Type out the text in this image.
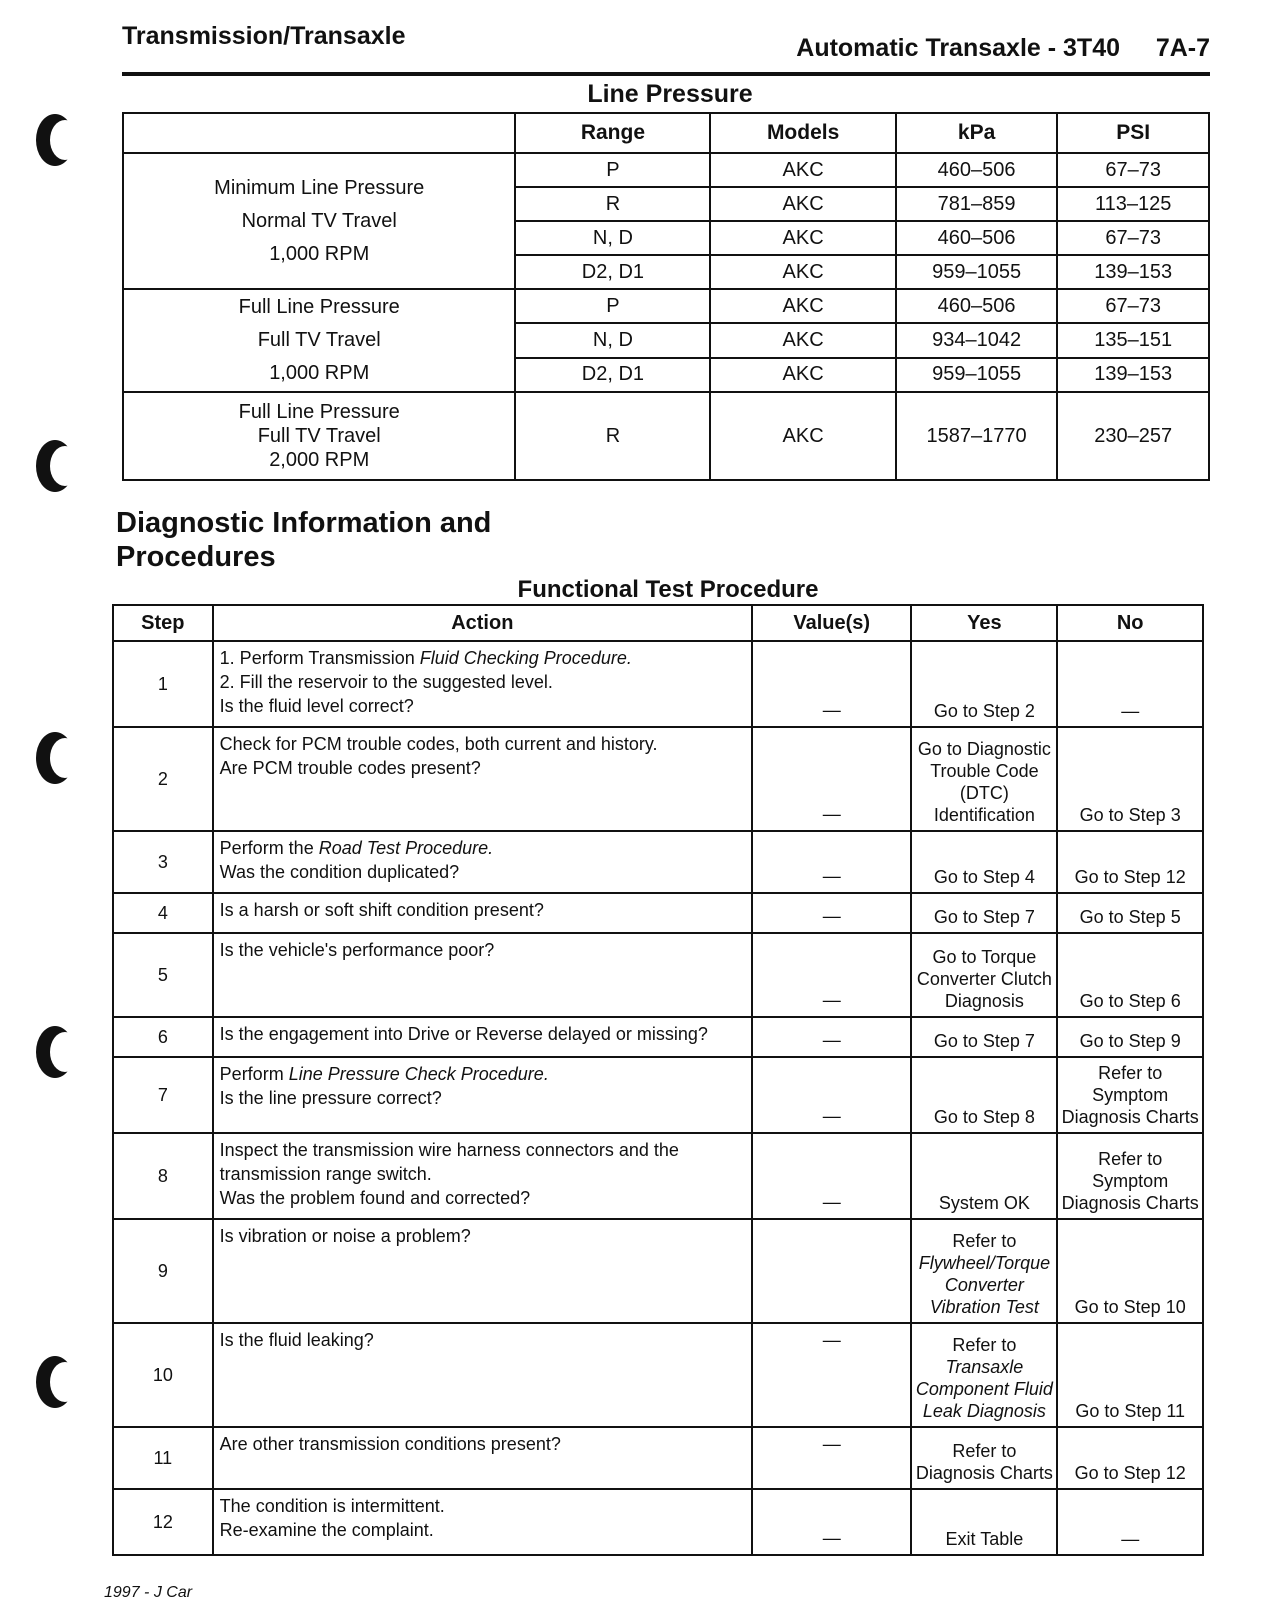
Transmission/Transaxle	Automatic Transaxle - 3T40 7A-7
Line Pressure
	Range	Models	kPa	PSI

Minimum Line Pressure
Normal TV Travel
1,000 RPM	P	AKC	460–506	67–73
	R	AKC	781–859	113–125
	N, D	AKC	460–506	67–73
	D2, D1	AKC	959–1055	139–153

Full Line Pressure
Full TV Travel
1,000 RPM	P	AKC	460–506	67–73
	N, D	AKC	934–1042	135–151
	D2, D1	AKC	959–1055	139–153

Full Line Pressure
Full TV Travel
2,000 RPM	R	AKC	1587–1770	230–257
Diagnostic Information and
Procedures
Functional Test Procedure
Step	Action	Value(s)	Yes	No
1	1. Perform Transmission Fluid Checking Procedure.
2. Fill the reservoir to the suggested level.
Is the fluid level correct?	—	Go to Step 2	—
2	Check for PCM trouble codes, both current and history.
Are PCM trouble codes present?	—	Go to Diagnostic
Trouble Code
(DTC)
Identification	Go to Step 3
3	Perform the Road Test Procedure.
Was the condition duplicated?	—	Go to Step 4	Go to Step 12
4	Is a harsh or soft shift condition present?	—	Go to Step 7	Go to Step 5
5	Is the vehicle's performance poor?	—	Go to Torque
Converter Clutch
Diagnosis	Go to Step 6
6	Is the engagement into Drive or Reverse delayed or missing?	—	Go to Step 7	Go to Step 9
7	Perform Line Pressure Check Procedure.
Is the line pressure correct?	—	Go to Step 8	Refer to Symptom Diagnosis Charts
8	Inspect the transmission wire harness connectors and the transmission range switch.
Was the problem found and corrected?	—	System OK	Refer to Symptom Diagnosis Charts
9	Is vibration or noise a problem?		Refer to
Flywheel/Torque
Converter
Vibration Test	Go to Step 10
10	Is the fluid leaking?	—	Refer to
Transaxle
Component Fluid
Leak Diagnosis	Go to Step 11
11	Are other transmission conditions present?	—	Refer to
Diagnosis Charts	Go to Step 12
12	The condition is intermittent.
Re-examine the complaint.	—	Exit Table	—
1997 - J Car
